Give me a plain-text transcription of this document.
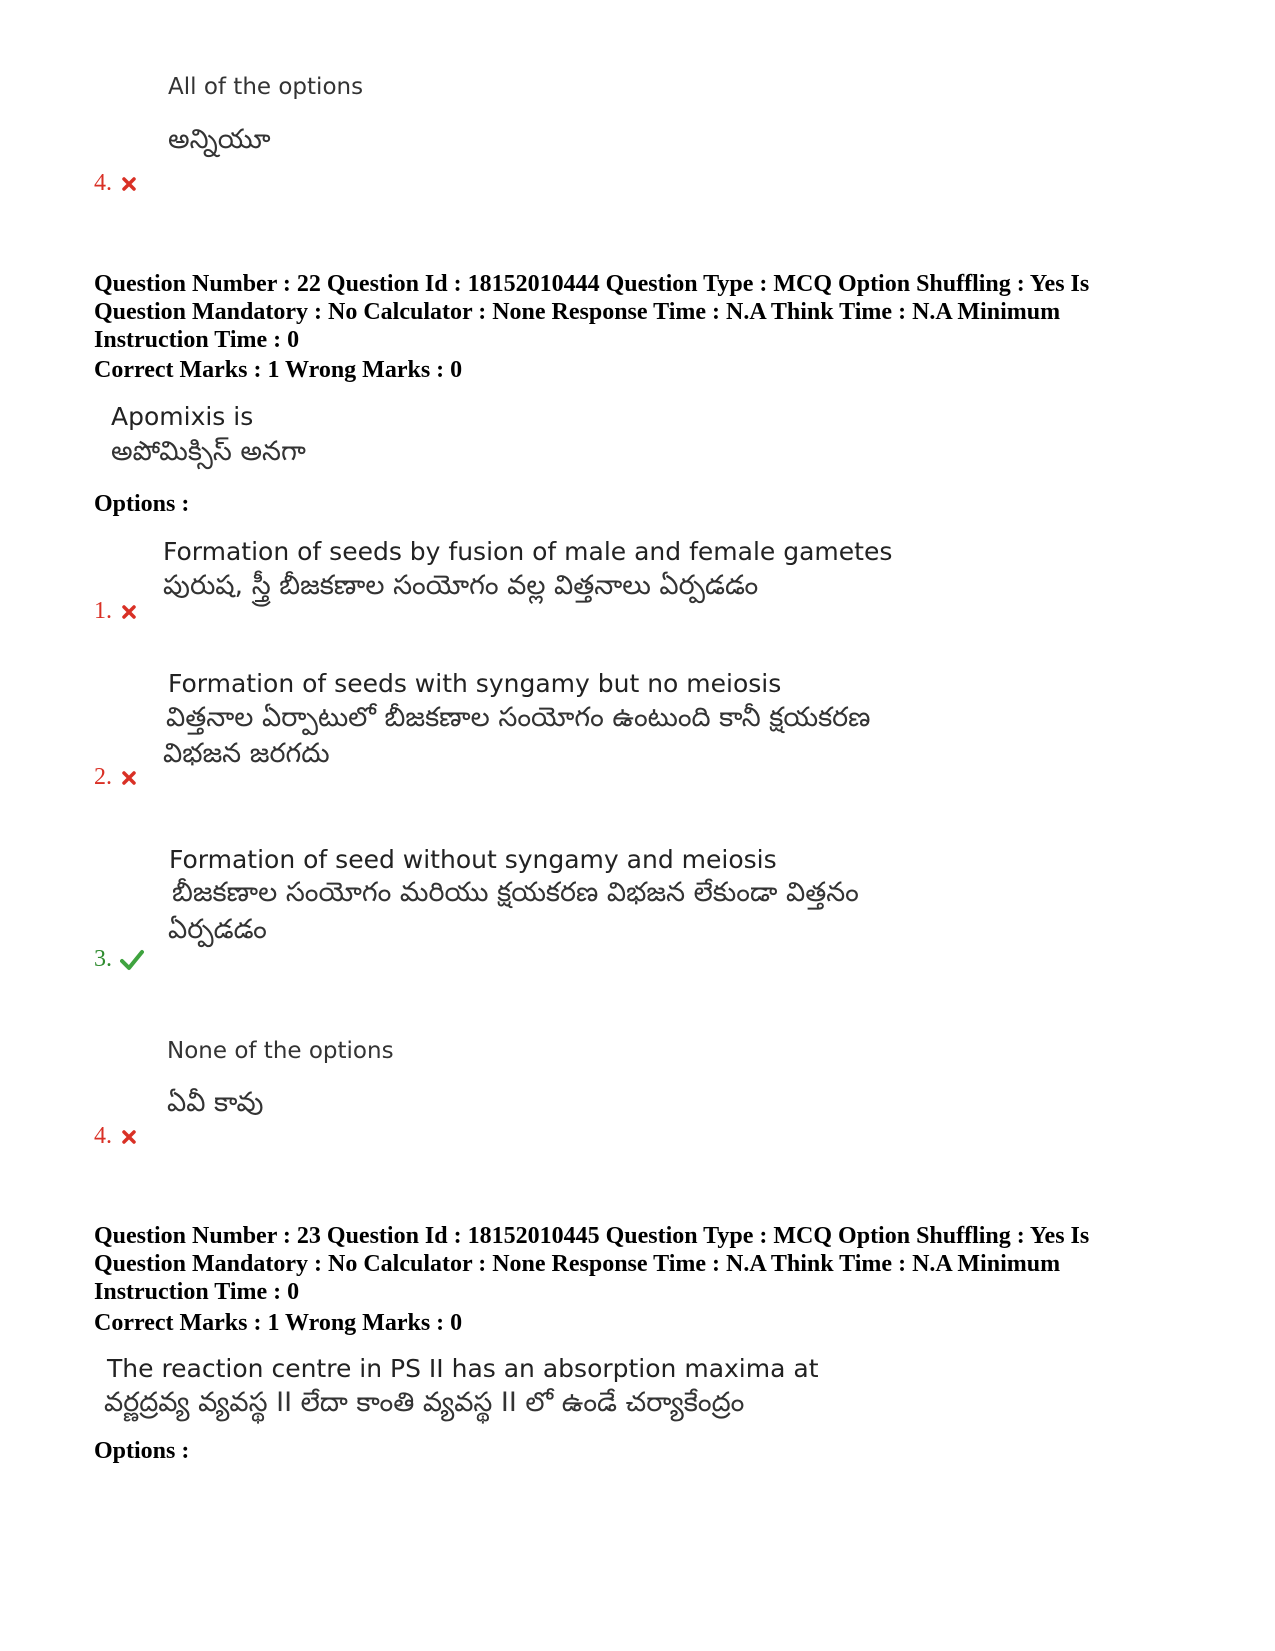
All of the options
అన్నియూ
4.
Question Number : 22 Question Id : 18152010444 Question Type : MCQ Option Shuffling : Yes Is
Question Mandatory : No Calculator : None Response Time : N.A Think Time : N.A Minimum
Instruction Time : 0
Correct Marks : 1 Wrong Marks : 0
Apomixis is
అపోమిక్సిస్ అనగా
Options :
Formation of seeds by fusion of male and female gametes
పురుష, స్త్రీ బీజకణాల సంయోగం వల్ల విత్తనాలు ఏర్పడడం
1.
Formation of seeds with syngamy but no meiosis
విత్తనాల ఏర్పాటులో బీజకణాల సంయోగం ఉంటుంది కానీ క్షయకరణ
విభజన జరగదు
2.
Formation of seed without syngamy and meiosis
బీజకణాల సంయోగం మరియు క్షయకరణ విభజన లేకుండా విత్తనం
ఏర్పడడం
3.
None of the options
ఏవీ కావు
4.
Question Number : 23 Question Id : 18152010445 Question Type : MCQ Option Shuffling : Yes Is
Question Mandatory : No Calculator : None Response Time : N.A Think Time : N.A Minimum
Instruction Time : 0
Correct Marks : 1 Wrong Marks : 0
The reaction centre in PS II has an absorption maxima at
వర్ణద్రవ్య వ్యవస్థ II లేదా కాంతి వ్యవస్థ II లో ఉండే చర్యాకేంద్రం
Options :
